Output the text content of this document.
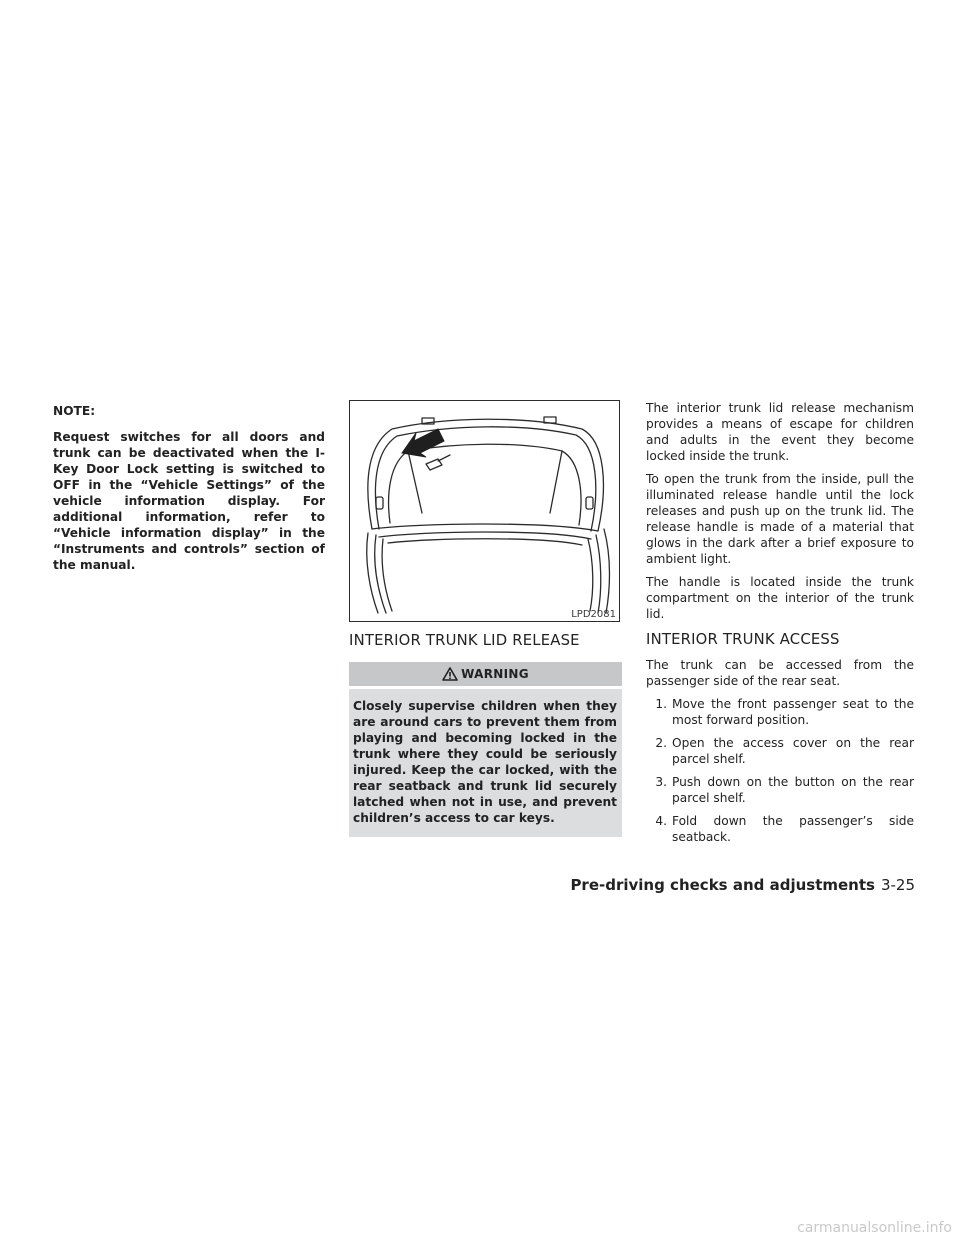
NOTE:

Request switches for all doors and trunk can be deactivated when the I-Key Door Lock setting is switched to OFF in the “Vehicle Settings” of the vehicle information display. For additional information, refer to “Vehicle information display” in the “Instruments and controls” section of the manual.

LPD2081
INTERIOR TRUNK LID RELEASE
WARNING
Closely supervise children when they are around cars to prevent them from playing and becoming locked in the trunk where they could be seriously injured. Keep the car locked, with the rear seatback and trunk lid securely latched when not in use, and prevent children’s access to car keys.

The interior trunk lid release mechanism provides a means of escape for children and adults in the event they become locked inside the trunk.

To open the trunk from the inside, pull the illuminated release handle until the lock releases and push up on the trunk lid. The release handle is made of a material that glows in the dark after a brief exposure to ambient light.

The handle is located inside the trunk compartment on the interior of the trunk lid.

INTERIOR TRUNK ACCESS

The trunk can be accessed from the passenger side of the rear seat.

1. Move the front passenger seat to the most forward position.
2. Open the access cover on the rear parcel shelf.
3. Push down on the button on the rear parcel shelf.
4. Fold down the passenger’s side seatback.
Pre-driving checks and adjustments 3-25
carmanualsonline.info
